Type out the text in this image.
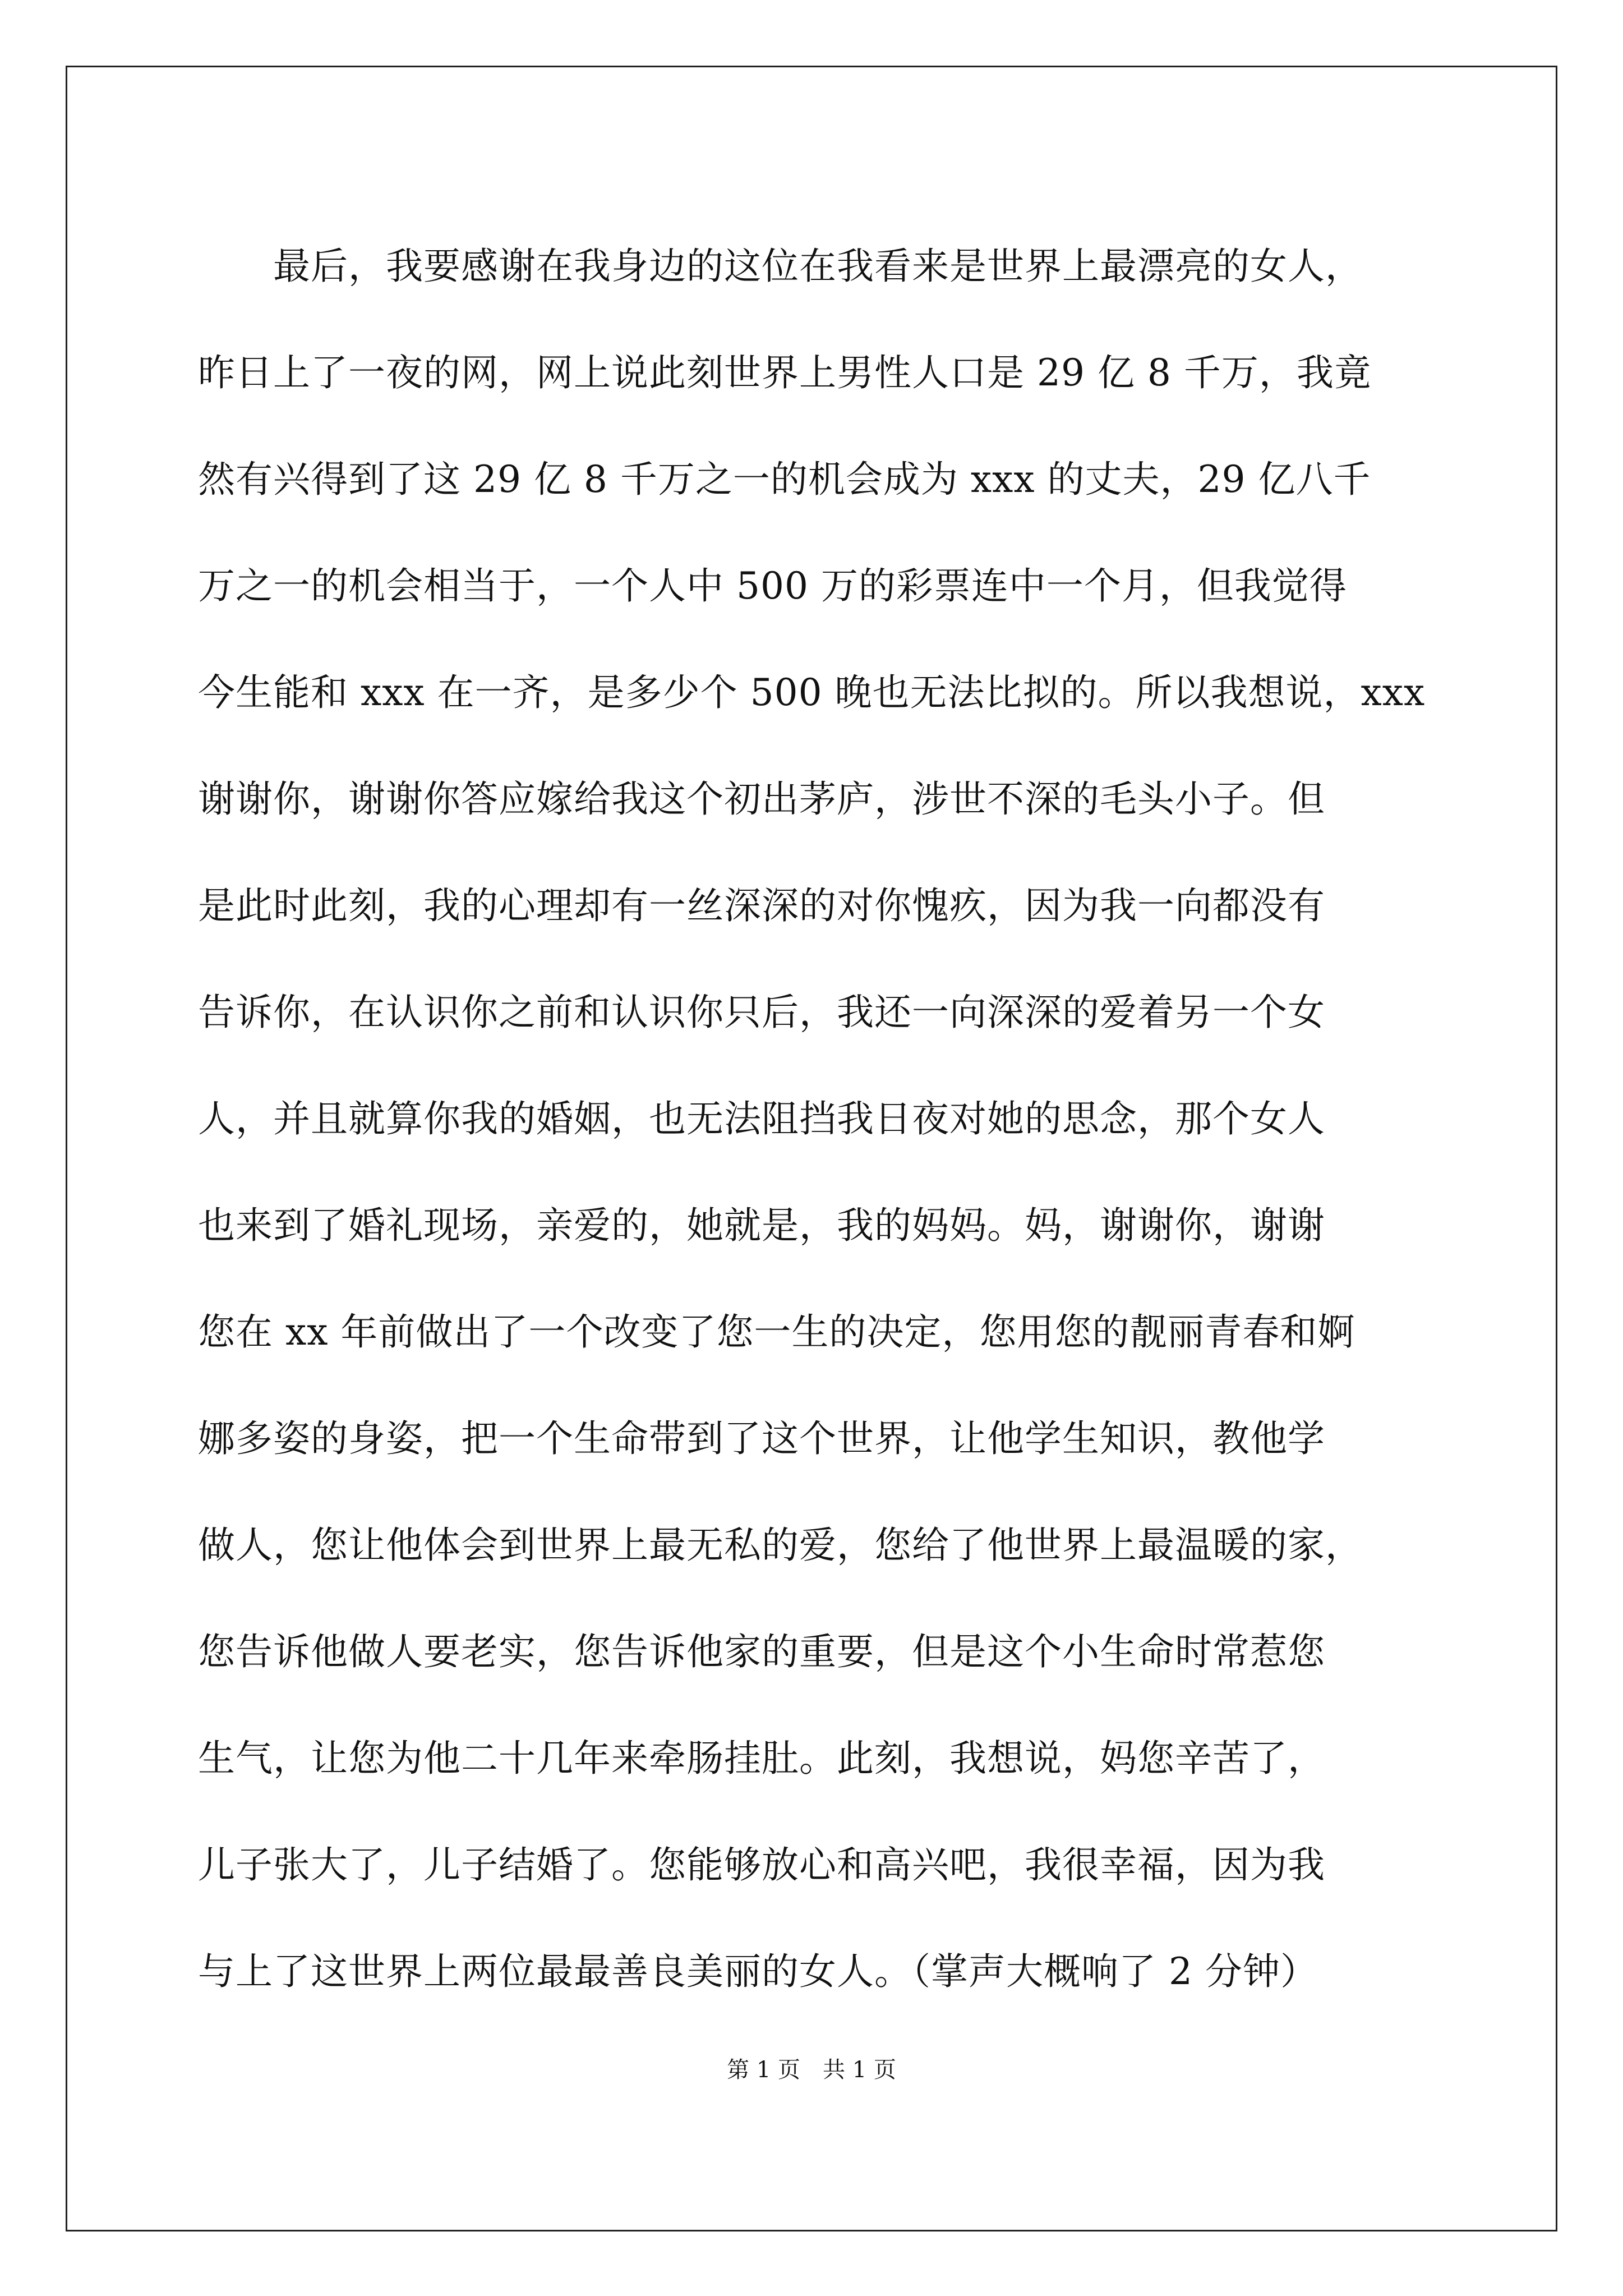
最后，我要感谢在我身边的这位在我看来是世界上最漂亮的女人，
昨日上了一夜的网，网上说此刻世界上男性人口是 29 亿 8 千万，我竟
然有兴得到了这 29 亿 8 千万之一的机会成为 xxx 的丈夫，29 亿八千
万之一的机会相当于，一个人中 500 万的彩票连中一个月，但我觉得
今生能和 xxx 在一齐，是多少个 500 晚也无法比拟的。所以我想说，xxx
谢谢你，谢谢你答应嫁给我这个初出茅庐，涉世不深的毛头小子。但
是此时此刻，我的心理却有一丝深深的对你愧疚，因为我一向都没有
告诉你，在认识你之前和认识你只后，我还一向深深的爱着另一个女
人，并且就算你我的婚姻，也无法阻挡我日夜对她的思念，那个女人
也来到了婚礼现场，亲爱的，她就是，我的妈妈。妈，谢谢你，谢谢
您在 xx 年前做出了一个改变了您一生的决定，您用您的靓丽青春和婀
娜多姿的身姿，把一个生命带到了这个世界，让他学生知识，教他学
做人，您让他体会到世界上最无私的爱，您给了他世界上最温暖的家，
您告诉他做人要老实，您告诉他家的重要，但是这个小生命时常惹您
生气，让您为他二十几年来牵肠挂肚。此刻，我想说，妈您辛苦了，
儿子张大了，儿子结婚了。您能够放心和高兴吧，我很幸福，因为我
与上了这世界上两位最最善良美丽的女人。（掌声大概响了 2 分钟）
第 1 页　共 1 页
